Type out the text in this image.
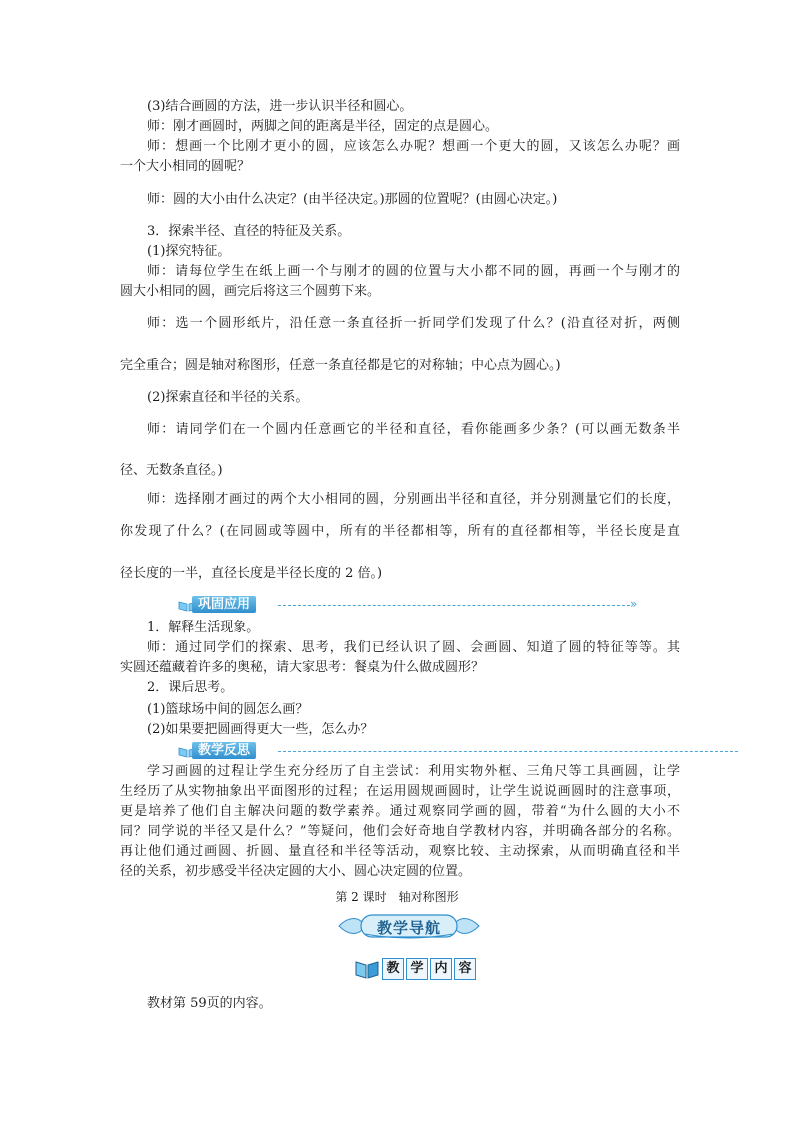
(3)结合画圆的方法，进一步认识半径和圆心。
师：刚才画圆时，两脚之间的距离是半径，固定的点是圆心。
师：想画一个比刚才更小的圆，应该怎么办呢？想画一个更大的圆，又该怎么办呢？画
一个大小相同的圆呢？
师：圆的大小由什么决定？(由半径决定。)那圆的位置呢？(由圆心决定。)
3．探索半径、直径的特征及关系。
(1)探究特征。
师：请每位学生在纸上画一个与刚才的圆的位置与大小都不同的圆，再画一个与刚才的
圆大小相同的圆，画完后将这三个圆剪下来。
师：选一个圆形纸片，沿任意一条直径折一折同学们发现了什么？(沿直径对折，两侧
完全重合；圆是轴对称图形，任意一条直径都是它的对称轴；中心点为圆心。)
(2)探索直径和半径的关系。
师：请同学们在一个圆内任意画它的半径和直径，看你能画多少条？(可以画无数条半
径、无数条直径。)
师：选择刚才画过的两个大小相同的圆，分别画出半径和直径，并分别测量它们的长度，
你发现了什么？(在同圆或等圆中，所有的半径都相等，所有的直径都相等，半径长度是直
径长度的一半，直径长度是半径长度的 2 倍。)
巩固应用	»
1．解释生活现象。
师：通过同学们的探索、思考，我们已经认识了圆、会画圆、知道了圆的特征等等。其
实圆还蕴藏着许多的奥秘，请大家思考：餐桌为什么做成圆形？
2．课后思考。
(1)篮球场中间的圆怎么画？
(2)如果要把圆画得更大一些，怎么办？
教学反思
学习画圆的过程让学生充分经历了自主尝试：利用实物外框、三角尺等工具画圆，让学
生经历了从实物抽象出平面图形的过程；在运用圆规画圆时，让学生说说画圆时的注意事项，
更是培养了他们自主解决问题的数学素养。通过观察同学画的圆，带着“为什么圆的大小不
同？同学说的半径又是什么？”等疑问，他们会好奇地自学教材内容，并明确各部分的名称。
再让他们通过画圆、折圆、量直径和半径等活动，观察比较、主动探索，从而明确直径和半
径的关系，初步感受半径决定圆的大小、圆心决定圆的位置。
第 2 课时　轴对称图形
教学导航
教 学 内 容
教材第 59页的内容。
